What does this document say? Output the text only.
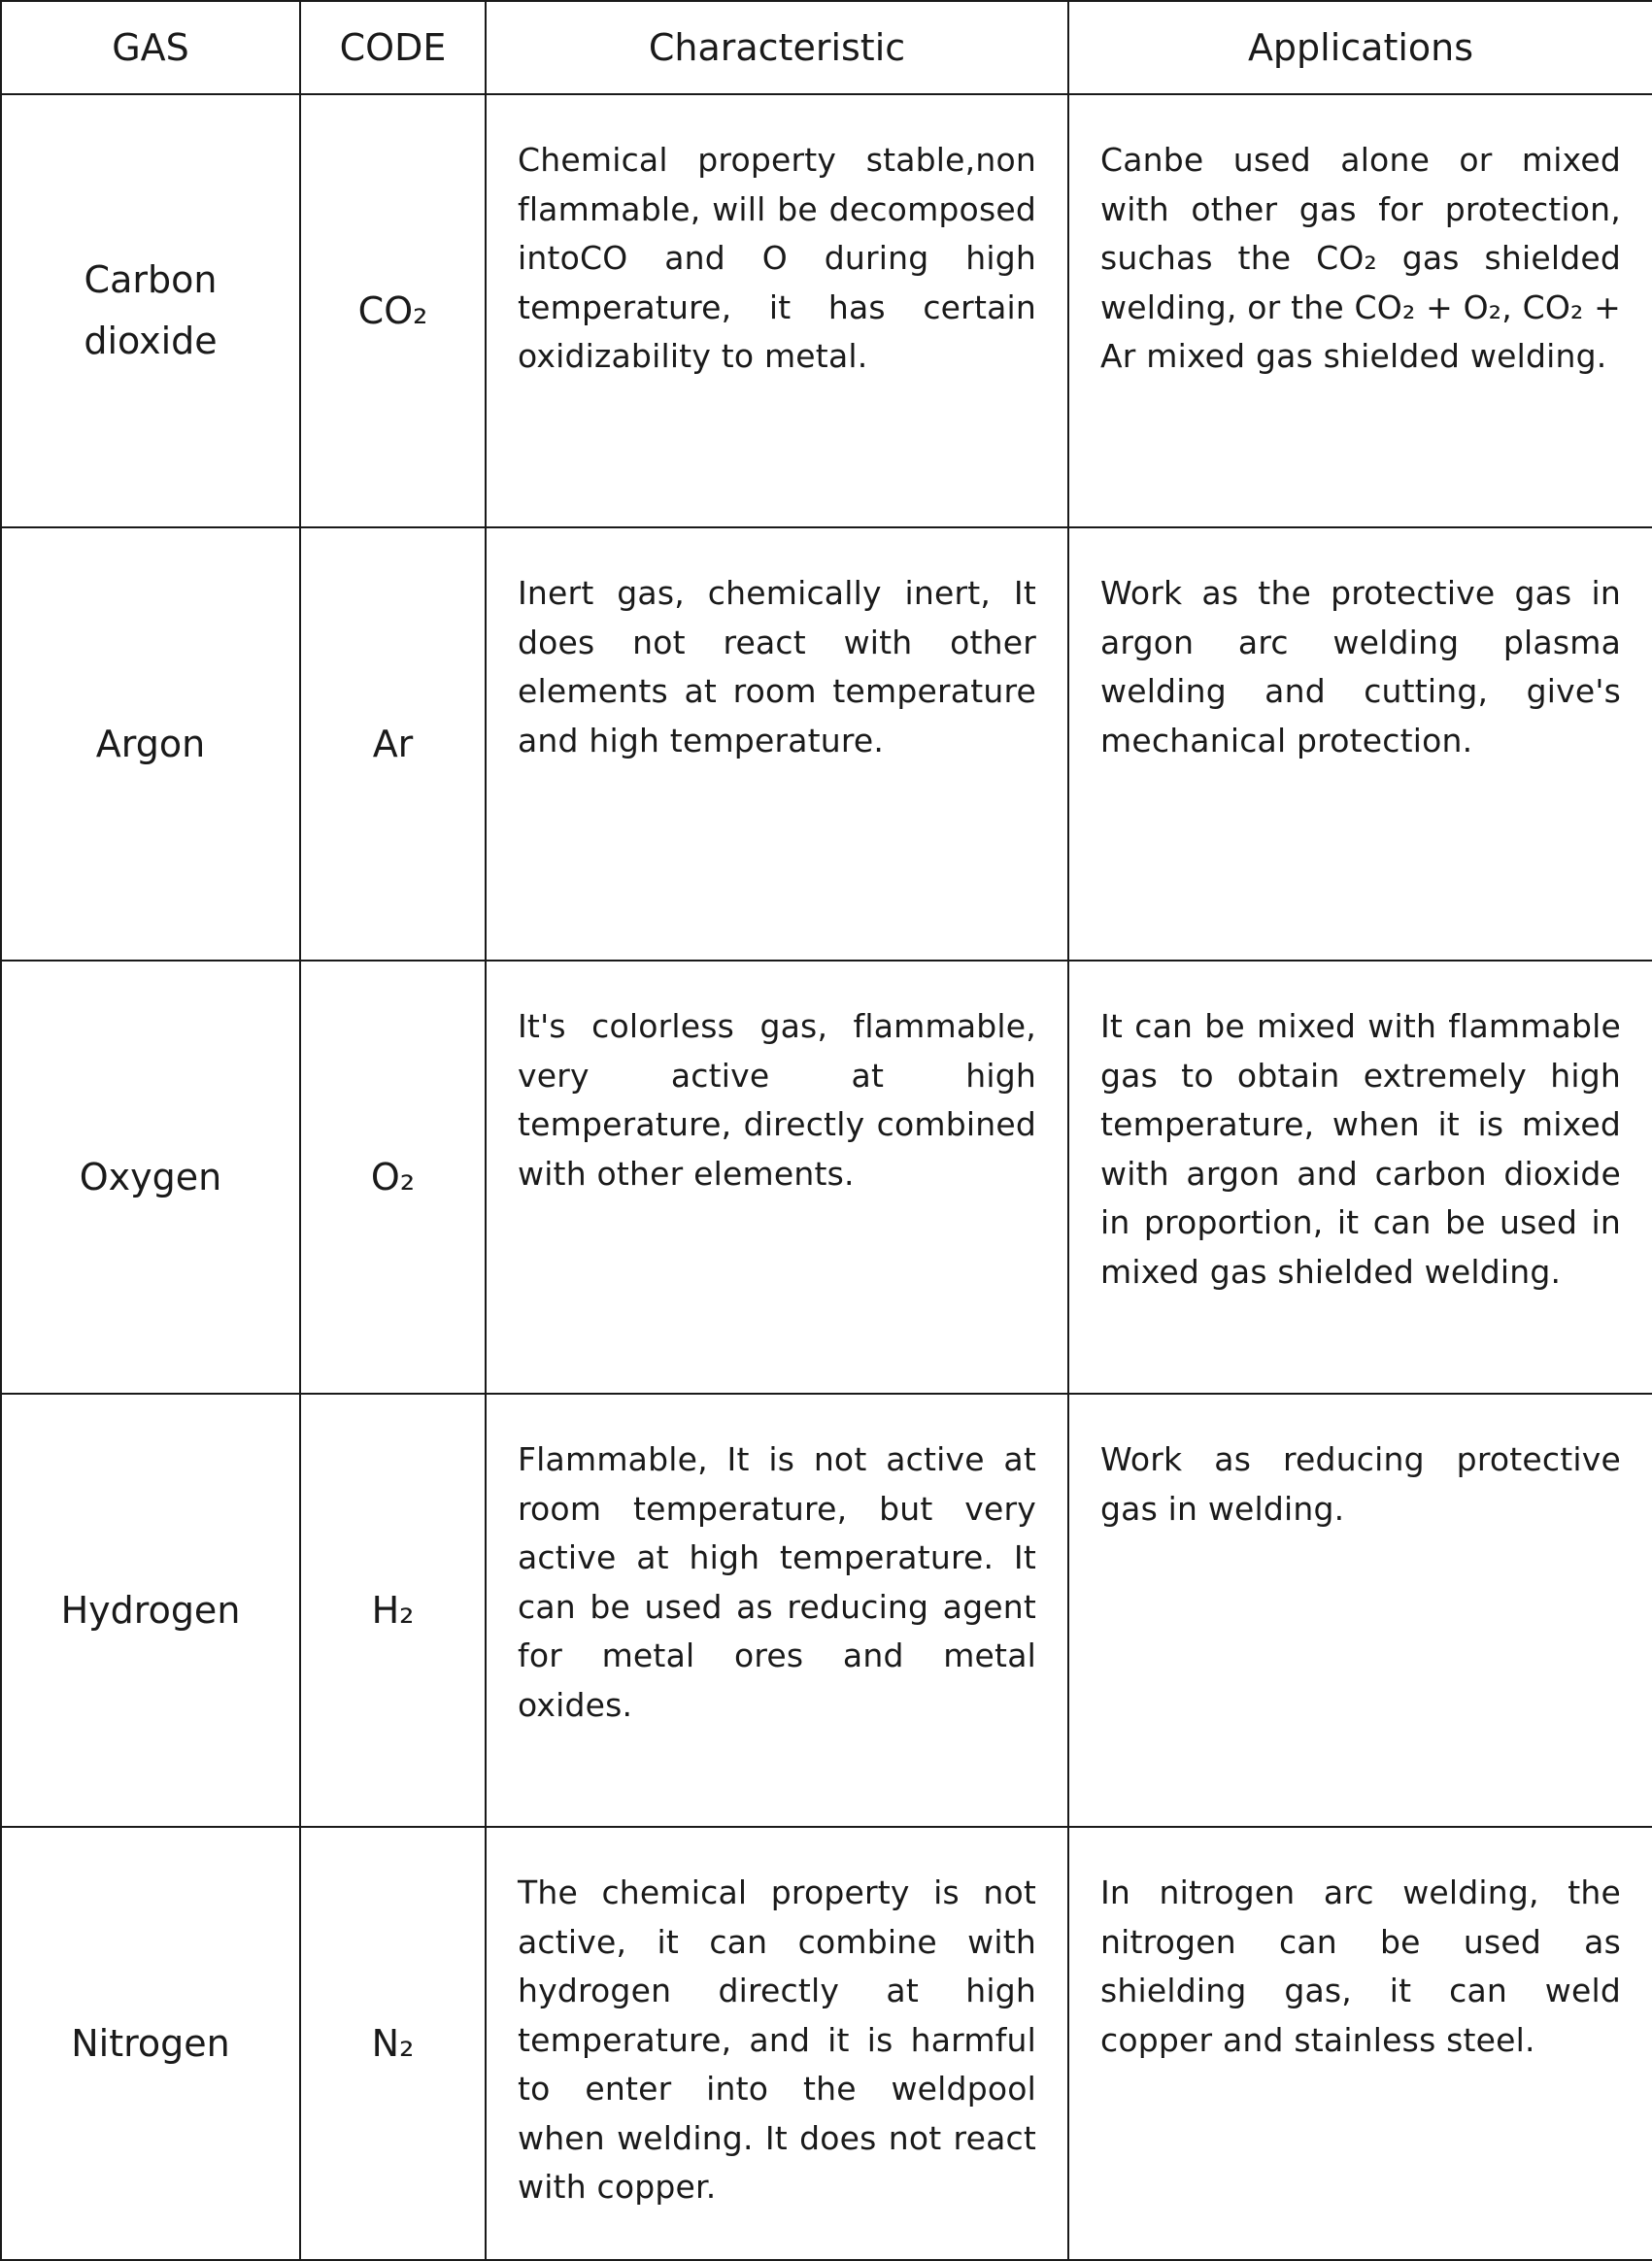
GAS	CODE	Characteristic	Applications
Carbon dioxide	CO₂	Chemical property stable,non flammable, will be decomposed intoCO and O during high temperature, it has certain oxidizability to metal.	Canbe used alone or mixed with other gas for protection, suchas the CO₂ gas shielded welding, or the CO₂ + O₂, CO₂ + Ar mixed gas shielded welding.
Argon	Ar	Inert gas, chemically inert, It does not react with other elements at room temperature and high temperature.	Work as the protective gas in argon arc welding plasma welding and cutting, give's mechanical protection.
Oxygen	O₂	It's colorless gas, flammable, very active at high temperature, directly combined with other elements.	It can be mixed with flammable gas to obtain extremely high temperature, when it is mixed with argon and carbon dioxide in proportion, it can be used in mixed gas shielded welding.
Hydrogen	H₂	Flammable, It is not active at room temperature, but very active at high temperature. It can be used as reducing agent for metal ores and metal oxides.	Work as reducing protective gas in welding.
Nitrogen	N₂	The chemical property is not active, it can combine with hydrogen directly at high temperature, and it is harmful to enter into the weldpool when welding. It does not react with copper.	In nitrogen arc welding, the nitrogen can be used as shielding gas, it can weld copper and stainless steel.
